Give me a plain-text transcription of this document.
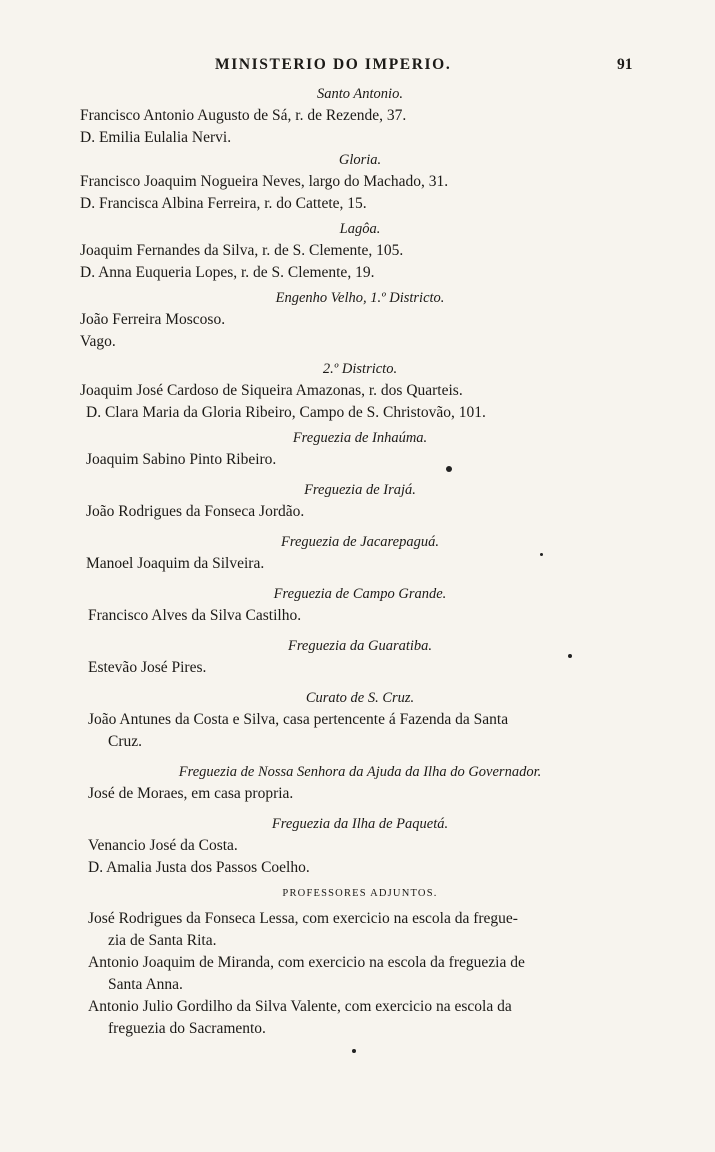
MINISTERIO DO IMPERIO.	91
Santo Antonio.
Francisco Antonio Augusto de Sá, r. de Rezende, 37.
D. Emilia Eulalia Nervi.
Gloria.
Francisco Joaquim Nogueira Neves, largo do Machado, 31.
D. Francisca Albina Ferreira, r. do Cattete, 15.
Lagôa.
Joaquim Fernandes da Silva, r. de S. Clemente, 105.
D. Anna Euqueria Lopes, r. de S. Clemente, 19.
Engenho Velho, 1.º Districto.
João Ferreira Moscoso.
Vago.
2.º Districto.
Joaquim José Cardoso de Siqueira Amazonas, r. dos Quarteis.
D. Clara Maria da Gloria Ribeiro, Campo de S. Christovão, 101.
Freguezia de Inhaúma.
Joaquim Sabino Pinto Ribeiro.
Freguezia de Irajá.
João Rodrigues da Fonseca Jordão.
Freguezia de Jacarepaguá.
Manoel Joaquim da Silveira.
Freguezia de Campo Grande.
Francisco Alves da Silva Castilho.
Freguezia da Guaratiba.
Estevão José Pires.
Curato de S. Cruz.
João Antunes da Costa e Silva, casa pertencente á Fazenda da Santa
Cruz.
Freguezia de Nossa Senhora da Ajuda da Ilha do Governador.
José de Moraes, em casa propria.
Freguezia da Ilha de Paquetá.
Venancio José da Costa.
D. Amalia Justa dos Passos Coelho.
PROFESSORES ADJUNTOS.
José Rodrigues da Fonseca Lessa, com exercicio na escola da fregue-
zia de Santa Rita.
Antonio Joaquim de Miranda, com exercicio na escola da freguezia de
Santa Anna.
Antonio Julio Gordilho da Silva Valente, com exercicio na escola da
freguezia do Sacramento.
